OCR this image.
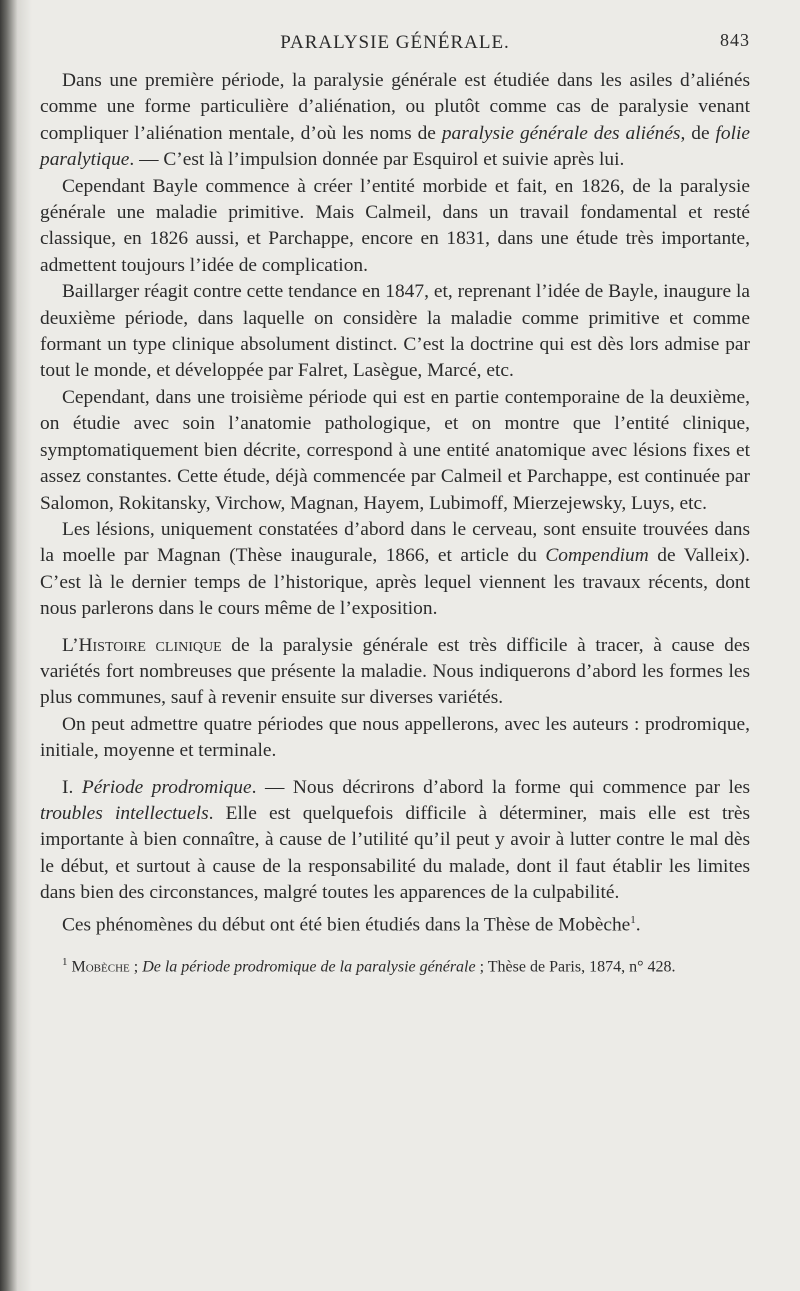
PARALYSIE GÉNÉRALE.	843

Dans une première période, la paralysie générale est étudiée dans les asiles d’aliénés comme une forme particulière d’aliénation, ou plutôt comme cas de paralysie venant compliquer l’aliénation mentale, d’où les noms de paralysie générale des aliénés, de folie paralytique. — C’est là l’impulsion donnée par Esquirol et suivie après lui.

Cependant Bayle commence à créer l’entité morbide et fait, en 1826, de la paralysie générale une maladie primitive. Mais Calmeil, dans un travail fondamental et resté classique, en 1826 aussi, et Parchappe, encore en 1831, dans une étude très importante, admettent toujours l’idée de complication.

Baillarger réagit contre cette tendance en 1847, et, reprenant l’idée de Bayle, inaugure la deuxième période, dans laquelle on considère la maladie comme primitive et comme formant un type clinique absolument distinct. C’est la doctrine qui est dès lors admise par tout le monde, et développée par Falret, Lasègue, Marcé, etc.

Cependant, dans une troisième période qui est en partie contemporaine de la deuxième, on étudie avec soin l’anatomie pathologique, et on montre que l’entité clinique, symptomatiquement bien décrite, correspond à une entité anatomique avec lésions fixes et assez constantes. Cette étude, déjà commencée par Calmeil et Parchappe, est continuée par Salomon, Rokitansky, Virchow, Magnan, Hayem, Lubimoff, Mierzejewsky, Luys, etc.

Les lésions, uniquement constatées d’abord dans le cerveau, sont ensuite trouvées dans la moelle par Magnan (Thèse inaugurale, 1866, et article du Compendium de Valleix). C’est là le dernier temps de l’historique, après lequel viennent les travaux récents, dont nous parlerons dans le cours même de l’exposition.

L’Histoire clinique de la paralysie générale est très difficile à tracer, à cause des variétés fort nombreuses que présente la maladie. Nous indiquerons d’abord les formes les plus communes, sauf à revenir ensuite sur diverses variétés.

On peut admettre quatre périodes que nous appellerons, avec les auteurs : prodromique, initiale, moyenne et terminale.

I. Période prodromique. — Nous décrirons d’abord la forme qui commence par les troubles intellectuels. Elle est quelquefois difficile à déterminer, mais elle est très importante à bien connaître, à cause de l’utilité qu’il peut y avoir à lutter contre le mal dès le début, et surtout à cause de la responsabilité du malade, dont il faut établir les limites dans bien des circonstances, malgré toutes les apparences de la culpabilité.

Ces phénomènes du début ont été bien étudiés dans la Thèse de Mobèche$^1$.

$^1$ Mobèche ; De la période prodromique de la paralysie générale ; Thèse de Paris, 1874, n° 428.
